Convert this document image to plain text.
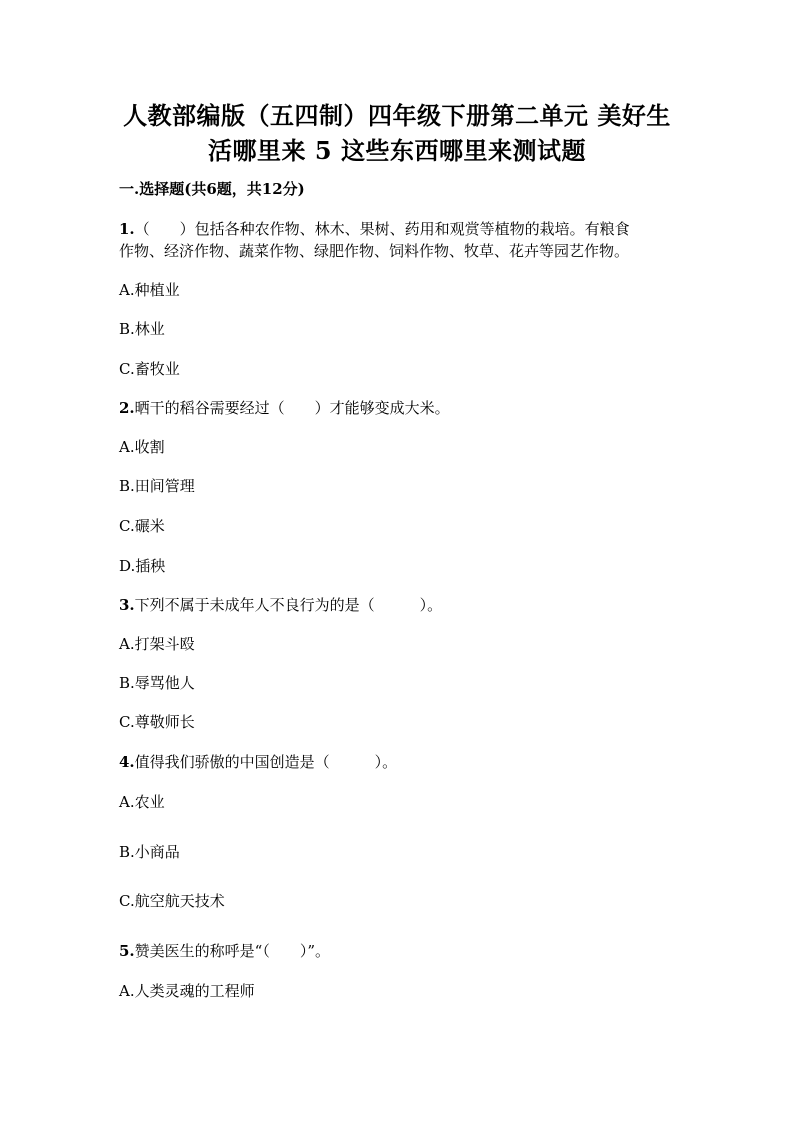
人教部编版（五四制）四年级下册第二单元 美好生
活哪里来 5 这些东西哪里来测试题
一.选择题(共6题，共12分)
1.（　　）包括各种农作物、林木、果树、药用和观赏等植物的栽培。有粮食
作物、经济作物、蔬菜作物、绿肥作物、饲料作物、牧草、花卉等园艺作物。
A.种植业
B.林业
C.畜牧业
2.晒干的稻谷需要经过（　　）才能够变成大米。
A.收割
B.田间管理
C.碾米
D.插秧
3.下列不属于未成年人不良行为的是（　　　）。
A.打架斗殴
B.辱骂他人
C.尊敬师长
4.值得我们骄傲的中国创造是（　　　）。
A.农业
B.小商品
C.航空航天技术
5.赞美医生的称呼是“（　　）”。
A.人类灵魂的工程师
